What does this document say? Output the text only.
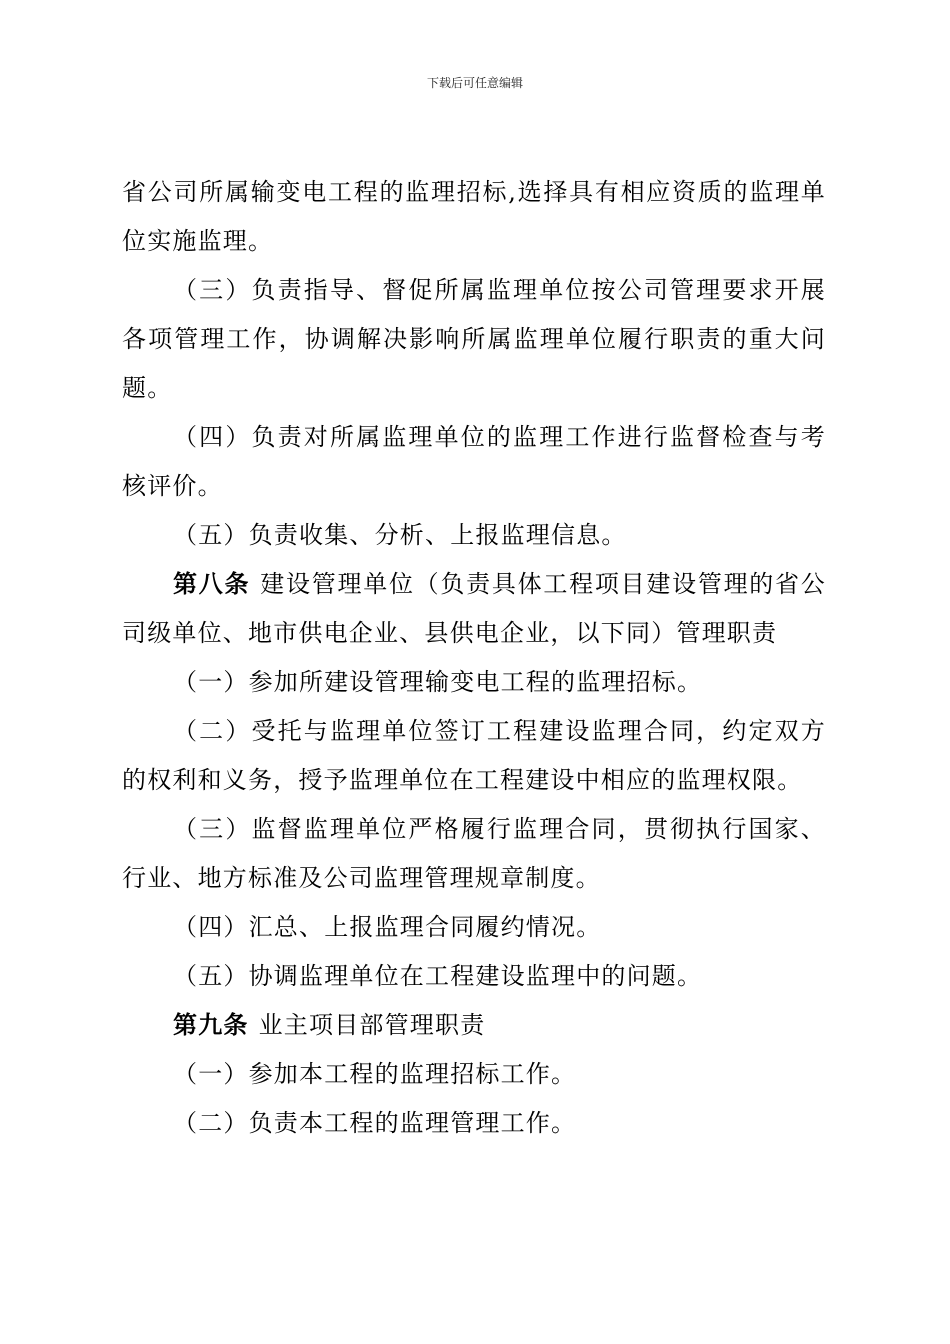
下载后可任意编辑

省公司所属输变电工程的监理招标,选择具有相应资质的监理单位实施监理。

（三）负责指导、督促所属监理单位按公司管理要求开展各项管理工作，协调解决影响所属监理单位履行职责的重大问题。

（四）负责对所属监理单位的监理工作进行监督检查与考核评价。

（五）负责收集、分析、上报监理信息。

第八条 建设管理单位（负责具体工程项目建设管理的省公司级单位、地市供电企业、县供电企业，以下同）管理职责

（一）参加所建设管理输变电工程的监理招标。

（二）受托与监理单位签订工程建设监理合同，约定双方的权利和义务，授予监理单位在工程建设中相应的监理权限。

（三）监督监理单位严格履行监理合同，贯彻执行国家、行业、地方标准及公司监理管理规章制度。

（四）汇总、上报监理合同履约情况。

（五）协调监理单位在工程建设监理中的问题。

第九条 业主项目部管理职责

（一）参加本工程的监理招标工作。

（二）负责本工程的监理管理工作。
